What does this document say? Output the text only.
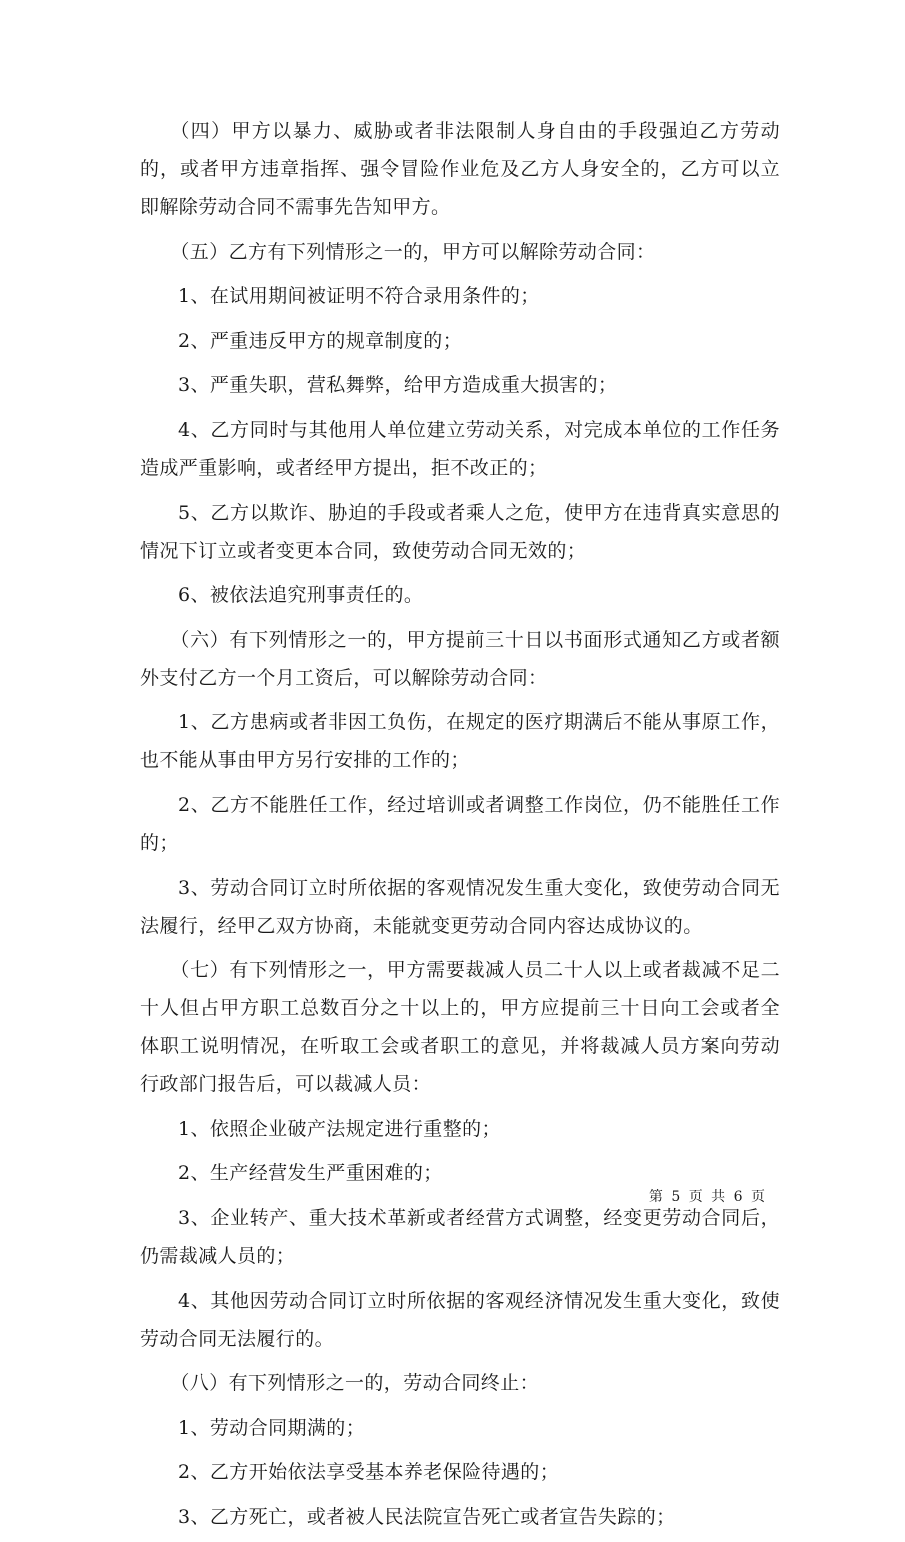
（四）甲方以暴力、威胁或者非法限制人身自由的手段强迫乙方劳动的，或者甲方违章指挥、强令冒险作业危及乙方人身安全的，乙方可以立即解除劳动合同不需事先告知甲方。

（五）乙方有下列情形之一的，甲方可以解除劳动合同：

1、在试用期间被证明不符合录用条件的；

2、严重违反甲方的规章制度的；

3、严重失职，营私舞弊，给甲方造成重大损害的；

4、乙方同时与其他用人单位建立劳动关系，对完成本单位的工作任务造成严重影响，或者经甲方提出，拒不改正的；

5、乙方以欺诈、胁迫的手段或者乘人之危，使甲方在违背真实意思的情况下订立或者变更本合同，致使劳动合同无效的；

6、被依法追究刑事责任的。

（六）有下列情形之一的，甲方提前三十日以书面形式通知乙方或者额外支付乙方一个月工资后，可以解除劳动合同：

1、乙方患病或者非因工负伤，在规定的医疗期满后不能从事原工作，也不能从事由甲方另行安排的工作的；

2、乙方不能胜任工作，经过培训或者调整工作岗位，仍不能胜任工作的；

3、劳动合同订立时所依据的客观情况发生重大变化，致使劳动合同无法履行，经甲乙双方协商，未能就变更劳动合同内容达成协议的。

（七）有下列情形之一，甲方需要裁减人员二十人以上或者裁减不足二十人但占甲方职工总数百分之十以上的，甲方应提前三十日向工会或者全体职工说明情况，在听取工会或者职工的意见，并将裁减人员方案向劳动行政部门报告后，可以裁减人员：

1、依照企业破产法规定进行重整的；

2、生产经营发生严重困难的；

3、企业转产、重大技术革新或者经营方式调整，经变更劳动合同后，仍需裁减人员的；

4、其他因劳动合同订立时所依据的客观经济情况发生重大变化，致使劳动合同无法履行的。

（八）有下列情形之一的，劳动合同终止：

1、劳动合同期满的；

2、乙方开始依法享受基本养老保险待遇的；

3、乙方死亡，或者被人民法院宣告死亡或者宣告失踪的；

第 5 页 共 6 页
